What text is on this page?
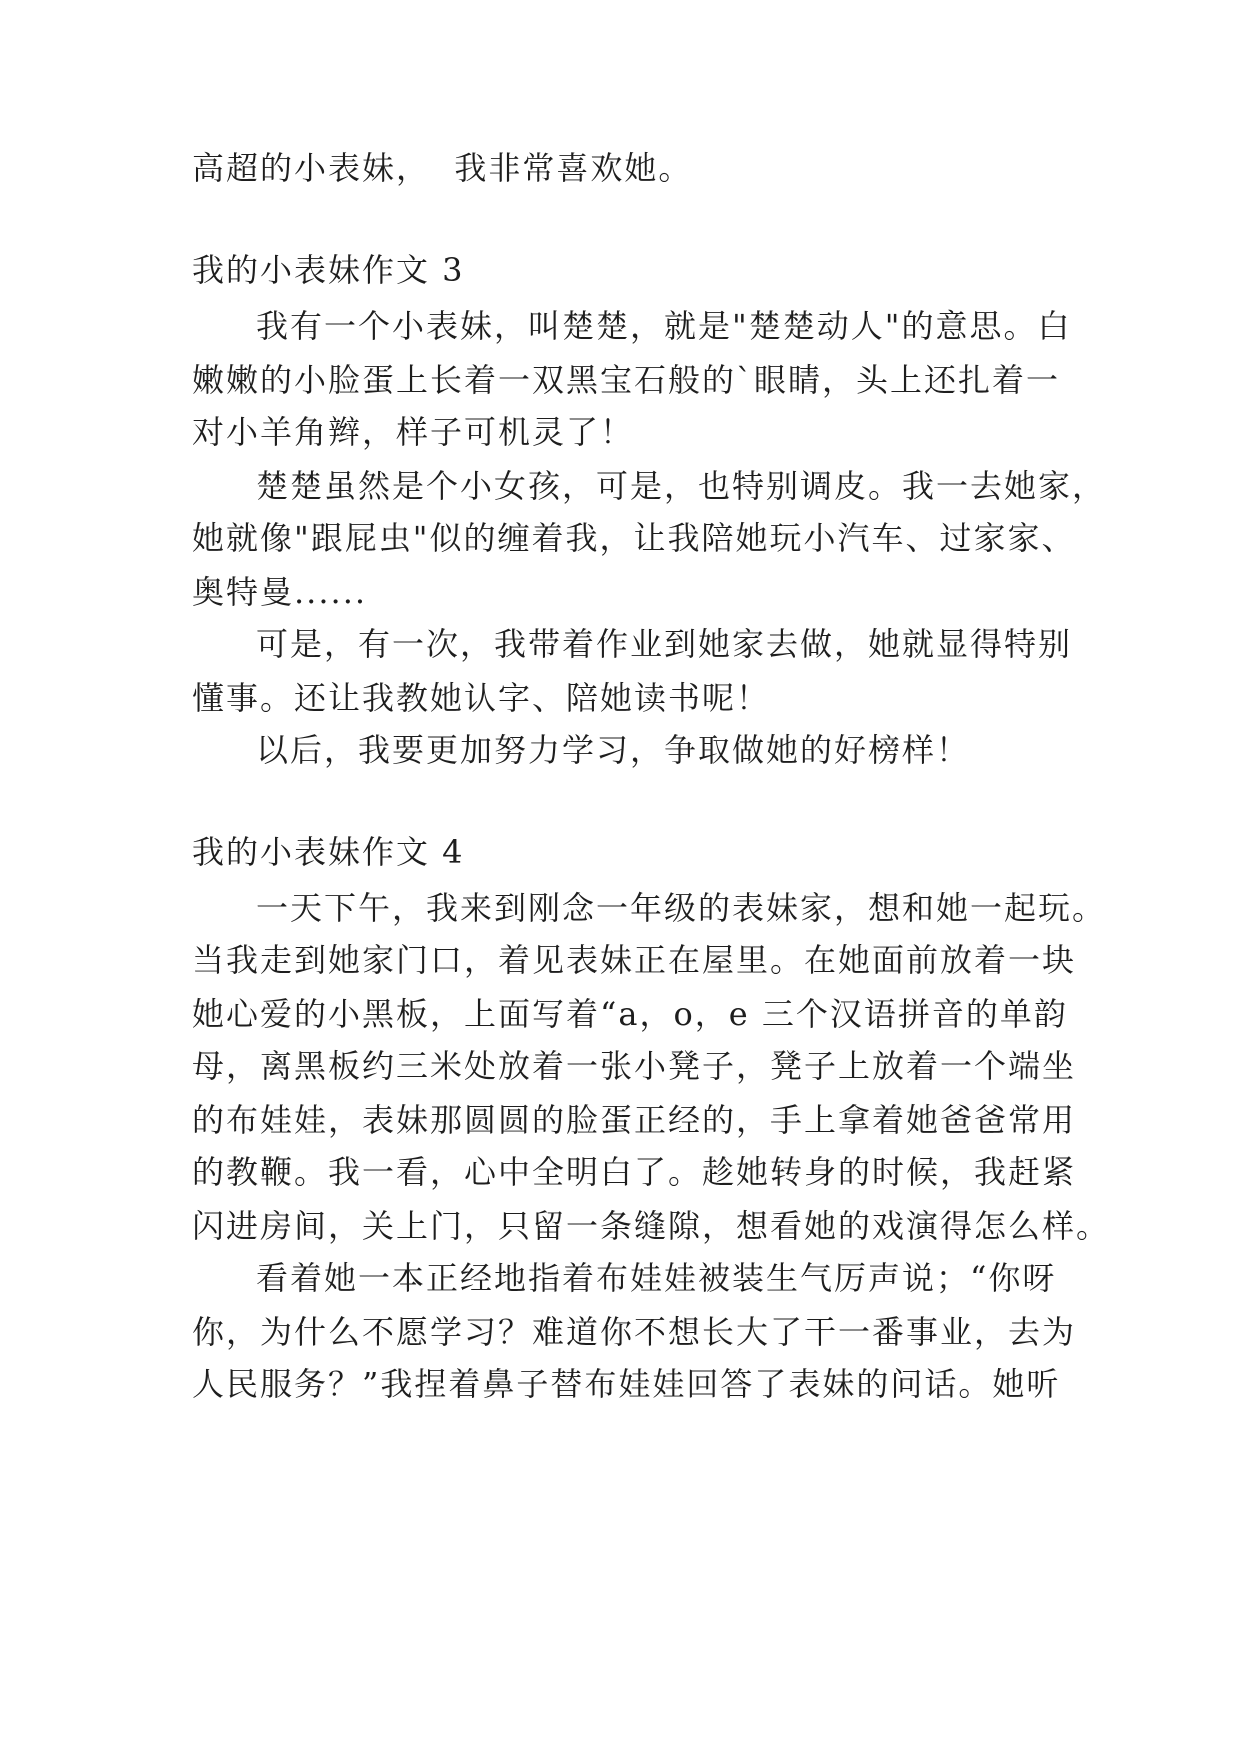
高超的小表妹，  我非常喜欢她。
我的小表妹作文 3
我有一个小表妹，叫楚楚，就是"楚楚动人"的意思。白
嫩嫩的小脸蛋上长着一双黑宝石般的`眼睛，头上还扎着一
对小羊角辫，样子可机灵了！
楚楚虽然是个小女孩，可是，也特别调皮。我一去她家，
她就像"跟屁虫"似的缠着我，让我陪她玩小汽车、过家家、
奥特曼......
可是，有一次，我带着作业到她家去做，她就显得特别
懂事。还让我教她认字、陪她读书呢！
以后，我要更加努力学习，争取做她的好榜样！
我的小表妹作文 4
一天下午，我来到刚念一年级的表妹家，想和她一起玩。
当我走到她家门口，着见表妹正在屋里。在她面前放着一块
她心爱的小黑板，上面写着“a，o，e 三个汉语拼音的单韵
母，离黑板约三米处放着一张小凳子，凳子上放着一个端坐
的布娃娃，表妹那圆圆的脸蛋正经的，手上拿着她爸爸常用
的教鞭。我一看，心中全明白了。趁她转身的时候，我赶紧
闪进房间，关上门，只留一条缝隙，想看她的戏演得怎么样。
看着她一本正经地指着布娃娃被装生气厉声说；“你呀
你，为什么不愿学习？难道你不想长大了干一番事业，去为
人民服务？”我捏着鼻子替布娃娃回答了表妹的问话。她听
